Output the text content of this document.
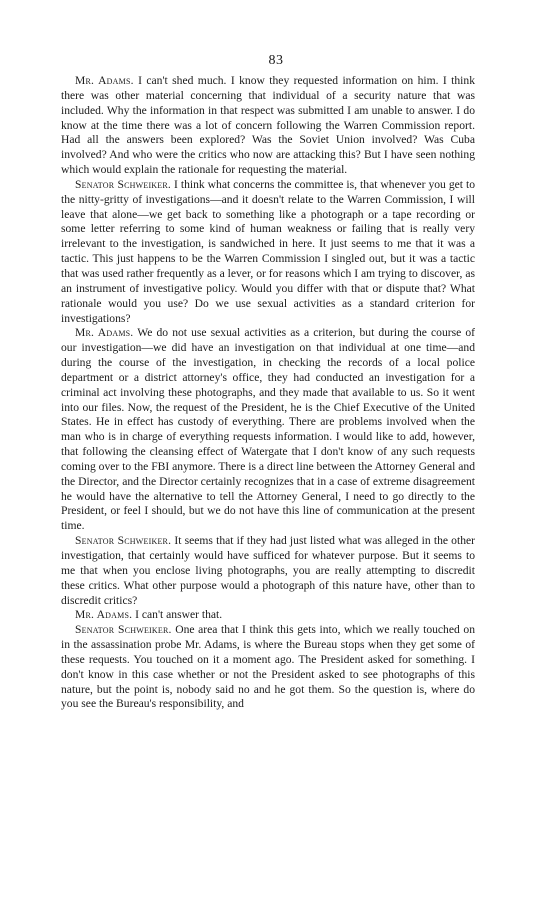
83

Mr. Adams. I can't shed much. I know they requested information on him. I think there was other material concerning that individual of a security nature that was included. Why the information in that respect was submitted I am unable to answer. I do know at the time there was a lot of concern following the Warren Commission report. Had all the answers been explored? Was the Soviet Union involved? Was Cuba involved? And who were the critics who now are attacking this? But I have seen nothing which would explain the rationale for requesting the material.

Senator Schweiker. I think what concerns the committee is, that whenever you get to the nitty-gritty of investigations—and it doesn't relate to the Warren Commission, I will leave that alone—we get back to something like a photograph or a tape recording or some letter referring to some kind of human weakness or failing that is really very irrelevant to the investigation, is sandwiched in here. It just seems to me that it was a tactic. This just happens to be the Warren Commission I singled out, but it was a tactic that was used rather frequently as a lever, or for reasons which I am trying to discover, as an instrument of investigative policy. Would you differ with that or dispute that? What rationale would you use? Do we use sexual activities as a standard criterion for investigations?

Mr. Adams. We do not use sexual activities as a criterion, but during the course of our investigation—we did have an investigation on that individual at one time—and during the course of the investigation, in checking the records of a local police department or a district attorney's office, they had conducted an investigation for a criminal act involving these photographs, and they made that available to us. So it went into our files. Now, the request of the President, he is the Chief Executive of the United States. He in effect has custody of everything. There are problems involved when the man who is in charge of everything requests information. I would like to add, however, that following the cleansing effect of Watergate that I don't know of any such requests coming over to the FBI anymore. There is a direct line between the Attorney General and the Director, and the Director certainly recognizes that in a case of extreme disagreement he would have the alternative to tell the Attorney General, I need to go directly to the President, or feel I should, but we do not have this line of communication at the present time.

Senator Schweiker. It seems that if they had just listed what was alleged in the other investigation, that certainly would have sufficed for whatever purpose. But it seems to me that when you enclose living photographs, you are really attempting to discredit these critics. What other purpose would a photograph of this nature have, other than to discredit critics?

Mr. Adams. I can't answer that.

Senator Schweiker. One area that I think this gets into, which we really touched on in the assassination probe Mr. Adams, is where the Bureau stops when they get some of these requests. You touched on it a moment ago. The President asked for something. I don't know in this case whether or not the President asked to see photographs of this nature, but the point is, nobody said no and he got them. So the question is, where do you see the Bureau's responsibility, and
